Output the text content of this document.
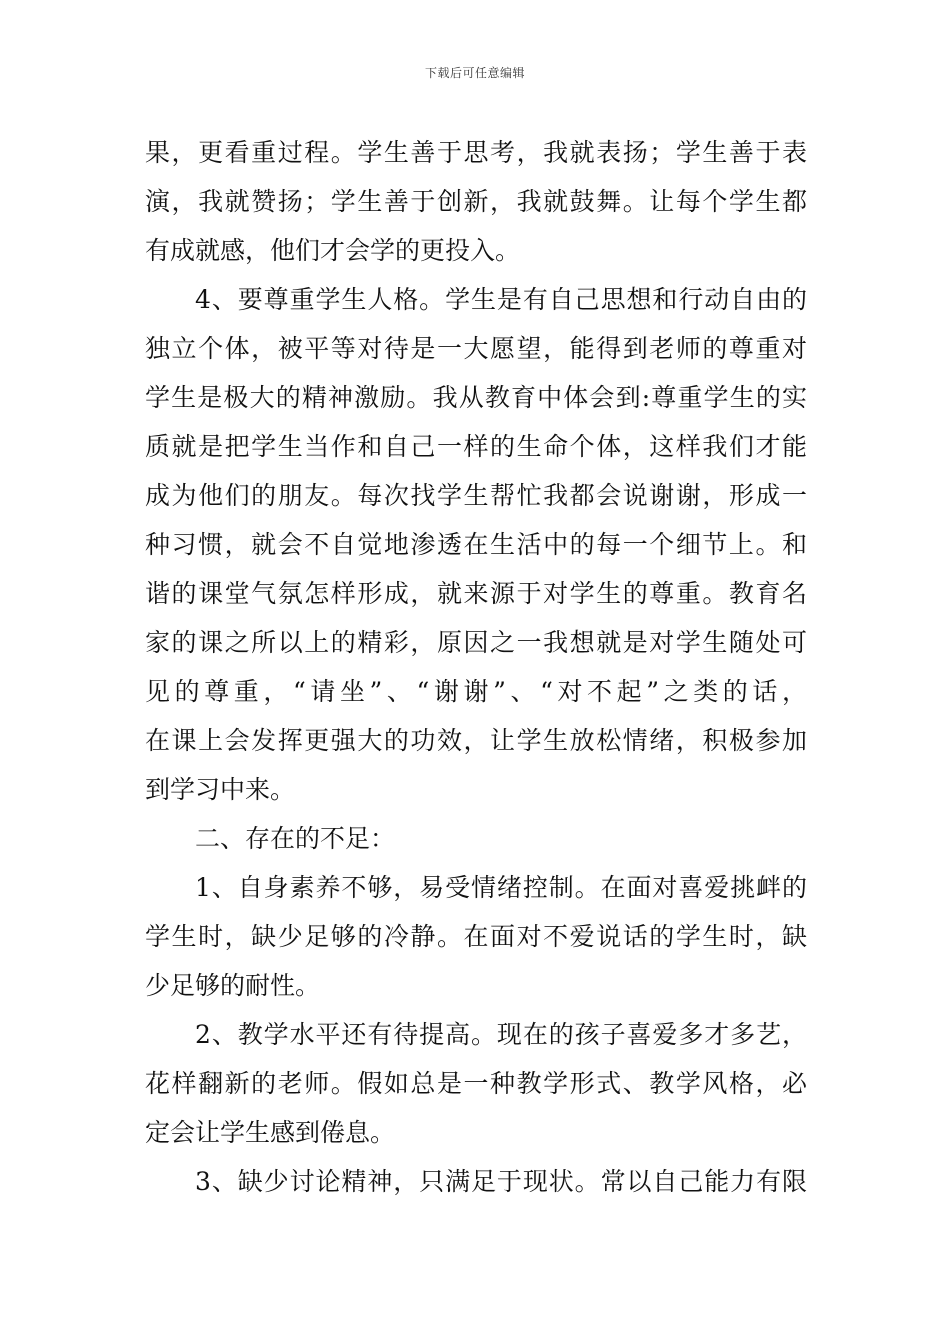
下载后可任意编辑
果，更看重过程。学生善于思考，我就表扬；学生善于表
演，我就赞扬；学生善于创新，我就鼓舞。让每个学生都
有成就感，他们才会学的更投入。
4、要尊重学生人格。学生是有自己思想和行动自由的
独立个体，被平等对待是一大愿望，能得到老师的尊重对
学生是极大的精神激励。我从教育中体会到:尊重学生的实
质就是把学生当作和自己一样的生命个体，这样我们才能
成为他们的朋友。每次找学生帮忙我都会说谢谢，形成一
种习惯，就会不自觉地渗透在生活中的每一个细节上。和
谐的课堂气氛怎样形成，就来源于对学生的尊重。教育名
家的课之所以上的精彩，原因之一我想就是对学生随处可
见的尊重，“请坐”、“谢谢”、“对不起”之类的话，
在课上会发挥更强大的功效，让学生放松情绪，积极参加
到学习中来。
二、存在的不足：
1、自身素养不够，易受情绪控制。在面对喜爱挑衅的
学生时，缺少足够的冷静。在面对不爱说话的学生时，缺
少足够的耐性。
2、教学水平还有待提高。现在的孩子喜爱多才多艺，
花样翻新的老师。假如总是一种教学形式、教学风格，必
定会让学生感到倦息。
3、缺少讨论精神，只满足于现状。常以自己能力有限
